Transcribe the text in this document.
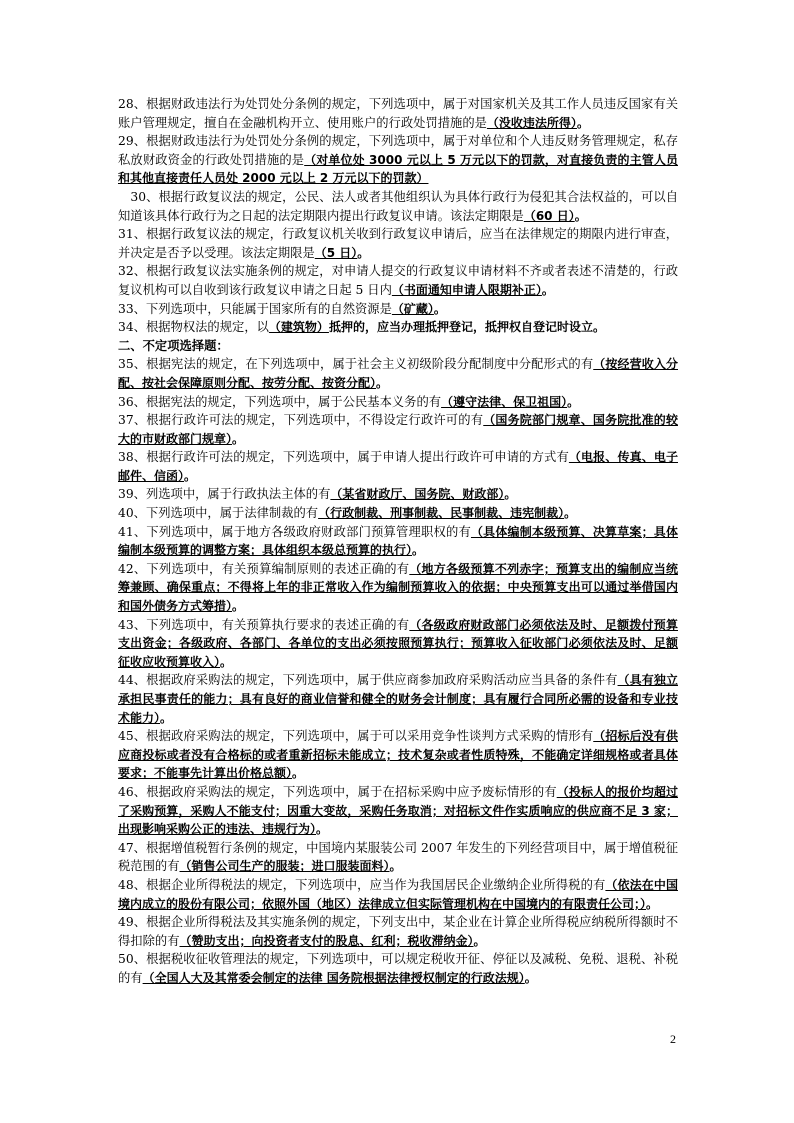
28、根据财政违法行为处罚处分条例的规定，下列选项中，属于对国家机关及其工作人员违反国家有关账户管理规定，擅自在金融机构开立、使用账户的行政处罚措施的是（没收违法所得）。

29、根据财政违法行为处罚处分条例的规定，下列选项中，属于对单位和个人违反财务管理规定，私存私放财政资金的行政处罚措施的是（对单位处 3000 元以上 5 万元以下的罚款，对直接负责的主管人员和其他直接责任人员处 2000 元以上 2 万元以下的罚款）

　30、根据行政复议法的规定，公民、法人或者其他组织认为具体行政行为侵犯其合法权益的，可以自知道该具体行政行为之日起的法定期限内提出行政复议申请。该法定期限是（60 日）。

31、根据行政复议法的规定，行政复议机关收到行政复议申请后，应当在法律规定的期限内进行审查，并决定是否予以受理。该法定期限是（5 日）。

32、根据行政复议法实施条例的规定，对申请人提交的行政复议申请材料不齐或者表述不清楚的，行政复议机构可以自收到该行政复议申请之日起 5 日内（书面通知申请人限期补正）。

33、下列选项中，只能属于国家所有的自然资源是（矿藏）。

34、根据物权法的规定，以（建筑物）抵押的，应当办理抵押登记，抵押权自登记时设立。

二、不定项选择题：

35、根据宪法的规定，在下列选项中，属于社会主义初级阶段分配制度中分配形式的有（按经营收入分配、按社会保障原则分配、按劳分配、按资分配）。

36、根据宪法的规定，下列选项中，属于公民基本义务的有（遵守法律、保卫祖国）。

37、根据行政许可法的规定，下列选项中，不得设定行政许可的有（国务院部门规章、国务院批准的较大的市财政部门规章）。

38、根据行政许可法的规定，下列选项中，属于申请人提出行政许可申请的方式有（电报、传真、电子邮件、信函）。

39、列选项中，属于行政执法主体的有（某省财政厅、国务院、财政部）。

40、下列选项中，属于法律制裁的有（行政制裁、刑事制裁、民事制裁、违宪制裁）。

41、下列选项中，属于地方各级政府财政部门预算管理职权的有（具体编制本级预算、决算草案；具体编制本级预算的调整方案；具体组织本级总预算的执行）。

42、下列选项中，有关预算编制原则的表述正确的有（地方各级预算不列赤字；预算支出的编制应当统筹兼顾、确保重点；不得将上年的非正常收入作为编制预算收入的依据；中央预算支出可以通过举借国内和国外债务方式筹措）。

43、下列选项中，有关预算执行要求的表述正确的有（各级政府财政部门必须依法及时、足额拨付预算支出资金；各级政府、各部门、各单位的支出必须按照预算执行；预算收入征收部门必须依法及时、足额征收应收预算收入）。

44、根据政府采购法的规定，下列选项中，属于供应商参加政府采购活动应当具备的条件有（具有独立承担民事责任的能力；具有良好的商业信誉和健全的财务会计制度；具有履行合同所必需的设备和专业技术能力）。

45、根据政府采购法的规定，下列选项中，属于可以采用竞争性谈判方式采购的情形有（招标后没有供应商投标或者没有合格标的或者重新招标未能成立；技术复杂或者性质特殊，不能确定详细规格或者具体要求；不能事先计算出价格总额）。

46、根据政府采购法的规定，下列选项中，属于在招标采购中应予废标情形的有（投标人的报价均超过了采购预算，采购人不能支付；因重大变故，采购任务取消；对招标文件作实质响应的供应商不足 3 家；出现影响采购公正的违法、违规行为）。

47、根据增值税暂行条例的规定，中国境内某服装公司 2007 年发生的下列经营项目中，属于增值税征税范围的有（销售公司生产的服装；进口服装面料）。

48、根据企业所得税法的规定，下列选项中，应当作为我国居民企业缴纳企业所得税的有（依法在中国境内成立的股份有限公司；依照外国（地区）法律成立但实际管理机构在中国境内的有限责任公司；）。

49、根据企业所得税法及其实施条例的规定，下列支出中，某企业在计算企业所得税应纳税所得额时不得扣除的有（赞助支出；向投资者支付的股息、红利；税收滞纳金）。

50、根据税收征收管理法的规定，下列选项中，可以规定税收开征、停征以及减税、免税、退税、补税的有（全国人大及其常委会制定的法律 国务院根据法律授权制定的行政法规）。

2
